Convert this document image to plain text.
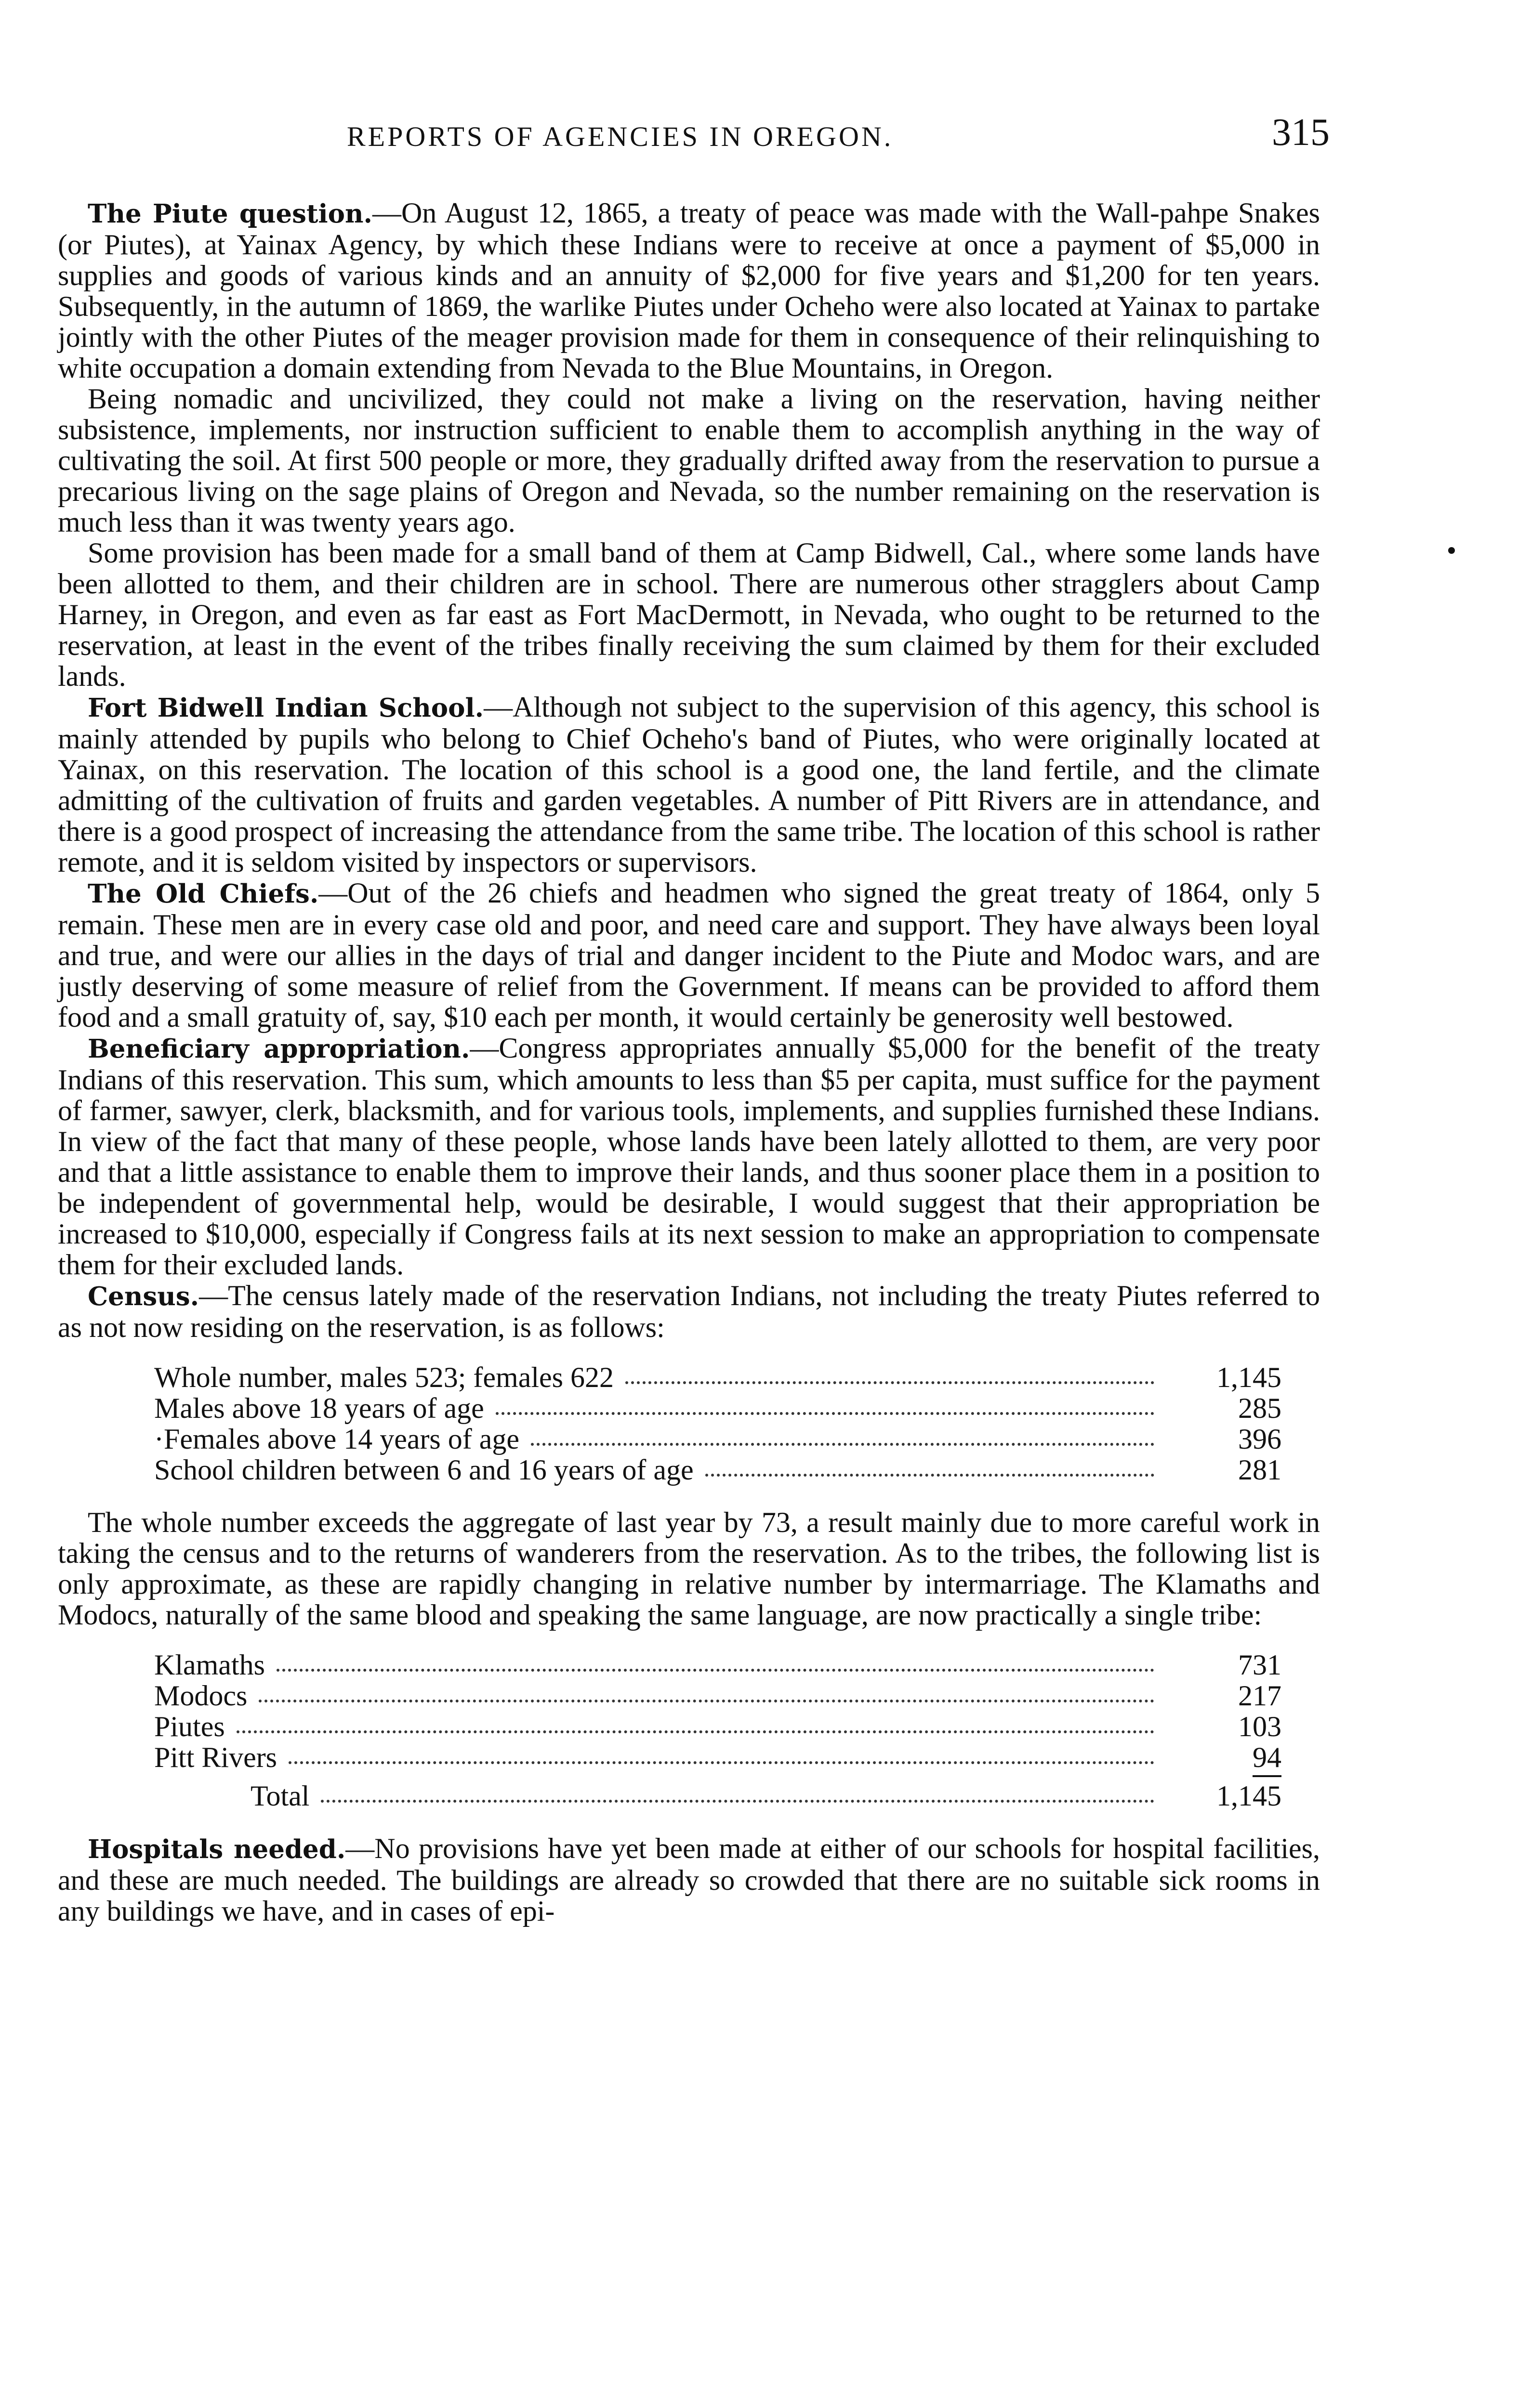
REPORTS OF AGENCIES IN OREGON.	315

The Piute question.—On August 12, 1865, a treaty of peace was made with the Wall-pahpe Snakes (or Piutes), at Yainax Agency, by which these Indians were to receive at once a payment of $5,000 in supplies and goods of various kinds and an annuity of $2,000 for five years and $1,200 for ten years. Subsequently, in the autumn of 1869, the warlike Piutes under Ocheho were also located at Yainax to partake jointly with the other Piutes of the meager provision made for them in consequence of their relinquishing to white occupation a domain extending from Nevada to the Blue Mountains, in Oregon.

Being nomadic and uncivilized, they could not make a living on the reservation, having neither subsistence, implements, nor instruction sufficient to enable them to accomplish anything in the way of cultivating the soil. At first 500 people or more, they gradually drifted away from the reservation to pursue a precarious living on the sage plains of Oregon and Nevada, so the number remaining on the reservation is much less than it was twenty years ago.

Some provision has been made for a small band of them at Camp Bidwell, Cal., where some lands have been allotted to them, and their children are in school. There are numerous other stragglers about Camp Harney, in Oregon, and even as far east as Fort MacDermott, in Nevada, who ought to be returned to the reservation, at least in the event of the tribes finally receiving the sum claimed by them for their excluded lands.

Fort Bidwell Indian School.—Although not subject to the supervision of this agency, this school is mainly attended by pupils who belong to Chief Ocheho's band of Piutes, who were originally located at Yainax, on this reservation. The location of this school is a good one, the land fertile, and the climate admitting of the cultivation of fruits and garden vegetables. A number of Pitt Rivers are in attendance, and there is a good prospect of increasing the attendance from the same tribe. The location of this school is rather remote, and it is seldom visited by inspectors or supervisors.

The Old Chiefs.—Out of the 26 chiefs and headmen who signed the great treaty of 1864, only 5 remain. These men are in every case old and poor, and need care and support. They have always been loyal and true, and were our allies in the days of trial and danger incident to the Piute and Modoc wars, and are justly deserving of some measure of relief from the Government. If means can be provided to afford them food and a small gratuity of, say, $10 each per month, it would certainly be generosity well bestowed.

Beneficiary appropriation.—Congress appropriates annually $5,000 for the benefit of the treaty Indians of this reservation. This sum, which amounts to less than $5 per capita, must suffice for the payment of farmer, sawyer, clerk, blacksmith, and for various tools, implements, and supplies furnished these Indians. In view of the fact that many of these people, whose lands have been lately allotted to them, are very poor and that a little assistance to enable them to improve their lands, and thus sooner place them in a position to be independent of governmental help, would be desirable, I would suggest that their appropriation be increased to $10,000, especially if Congress fails at its next session to make an appropriation to compensate them for their excluded lands.

Census.—The census lately made of the reservation Indians, not including the treaty Piutes referred to as not now residing on the reservation, is as follows:

Whole number, males 523; females 622	1,145
Males above 18 years of age	285
·Females above 14 years of age	396
School children between 6 and 16 years of age	281

The whole number exceeds the aggregate of last year by 73, a result mainly due to more careful work in taking the census and to the returns of wanderers from the reservation. As to the tribes, the following list is only approximate, as these are rapidly changing in relative number by intermarriage. The Klamaths and Modocs, naturally of the same blood and speaking the same language, are now practically a single tribe:

Klamaths	731
Modocs	217
Piutes	103
Pitt Rivers	94
Total	1,145

Hospitals needed.—No provisions have yet been made at either of our schools for hospital facilities, and these are much needed. The buildings are already so crowded that there are no suitable sick rooms in any buildings we have, and in cases of epi-
